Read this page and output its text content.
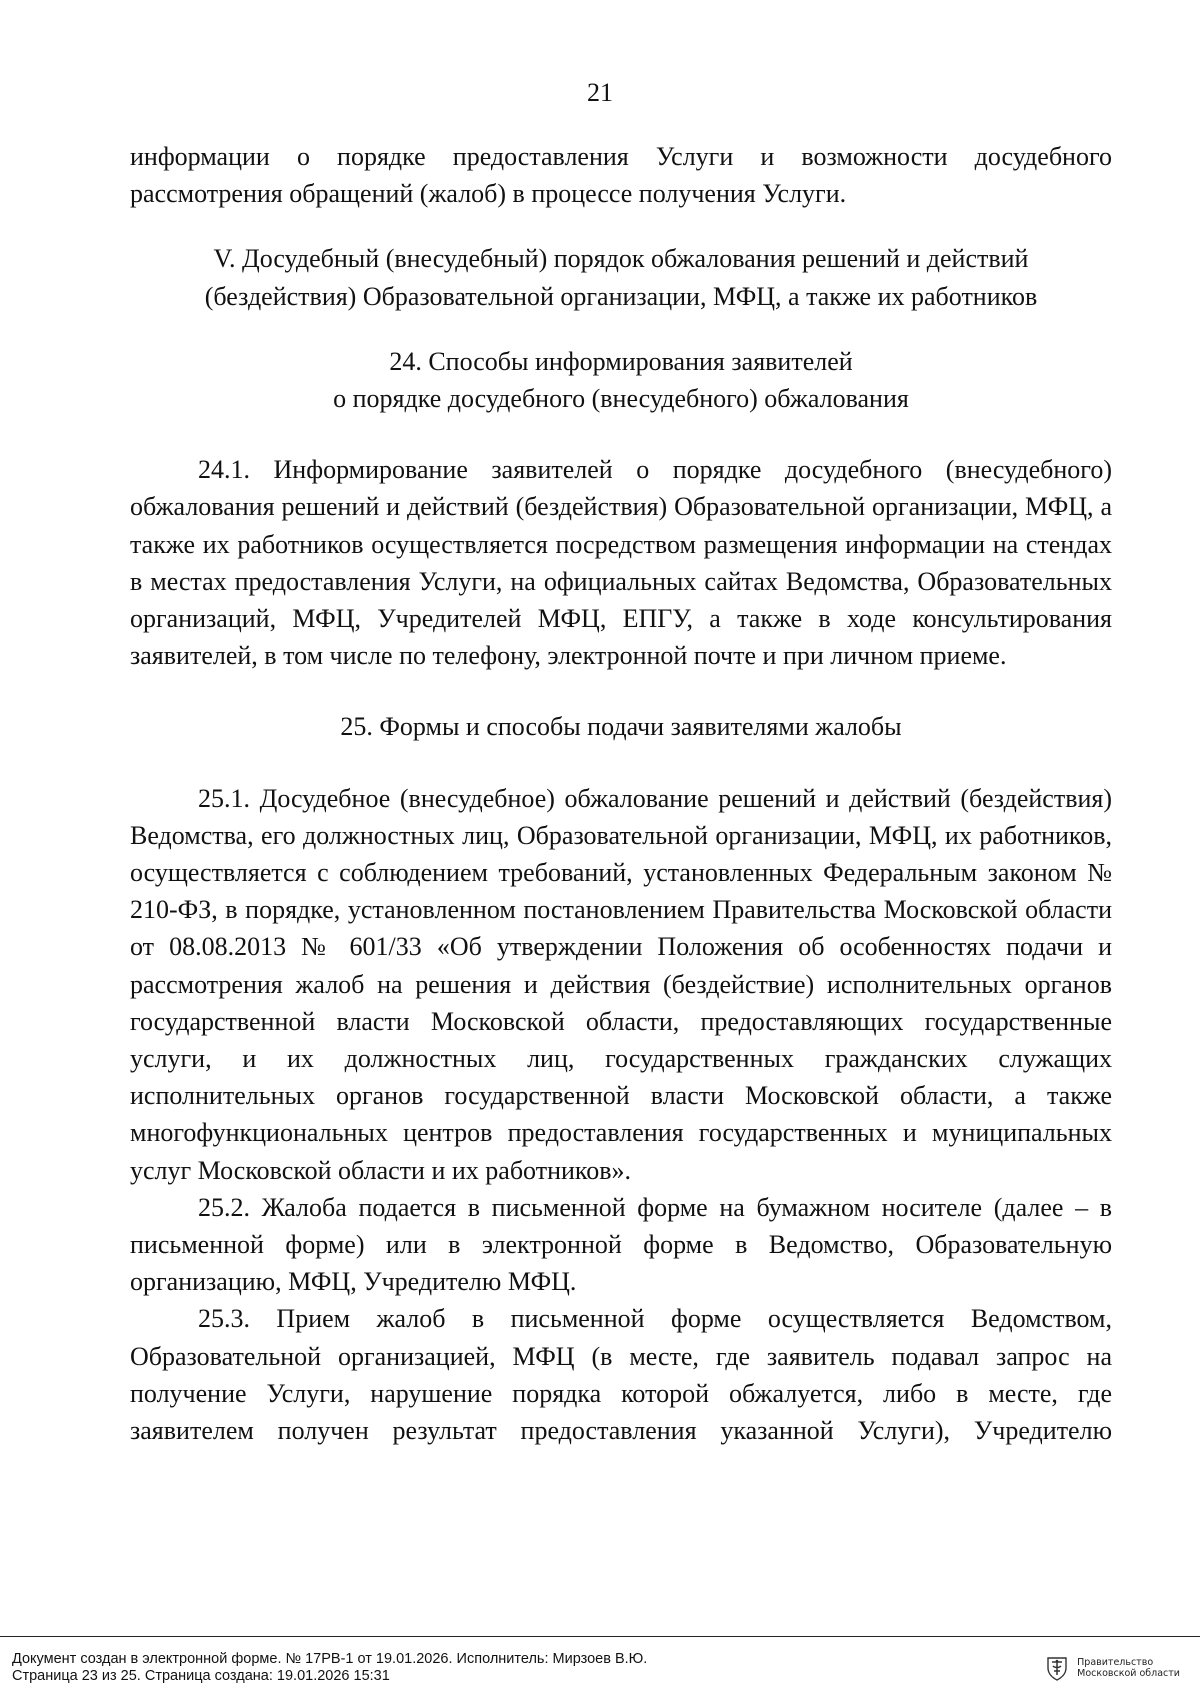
21

информации о порядке предоставления Услуги и возможности досудебного рассмотрения обращений (жалоб) в процессе получения Услуги.

V. Досудебный (внесудебный) порядок обжалования решений и действий

(бездействия) Образовательной организации, МФЦ, а также их работников

24. Способы информирования заявителей

о порядке досудебного (внесудебного) обжалования

24.1. Информирование заявителей о порядке досудебного (внесудебного) обжалования решений и действий (бездействия) Образовательной организации, МФЦ, а также их работников осуществляется посредством размещения информации на стендах в местах предоставления Услуги, на официальных сайтах Ведомства, Образовательных организаций, МФЦ, Учредителей МФЦ, ЕПГУ, а также в ходе консультирования заявителей, в том числе по телефону, электронной почте и при личном приеме.

25. Формы и способы подачи заявителями жалобы

25.1. Досудебное (внесудебное) обжалование решений и действий (бездействия) Ведомства, его должностных лиц, Образовательной организации, МФЦ, их работников, осуществляется с соблюдением требований, установленных Федеральным законом № 210-ФЗ, в порядке, установленном постановлением Правительства Московской области от 08.08.2013 № 601/33 «Об утверждении Положения об особенностях подачи и рассмотрения жалоб на решения и действия (бездействие) исполнительных органов государственной власти Московской области, предоставляющих государственные услуги, и их должностных лиц, государственных гражданских служащих исполнительных органов государственной власти Московской области, а также многофункциональных центров предоставления государственных и муниципальных услуг Московской области и их работников».

25.2. Жалоба подается в письменной форме на бумажном носителе (далее – в письменной форме) или в электронной форме в Ведомство, Образовательную организацию, МФЦ, Учредителю МФЦ.

25.3. Прием жалоб в письменной форме осуществляется Ведомством, Образовательной организацией, МФЦ (в месте, где заявитель подавал запрос на получение Услуги, нарушение порядка которой обжалуется, либо в месте, где заявителем получен результат предоставления указанной Услуги), Учредителю

Документ создан в электронной форме. № 17РВ-1 от 19.01.2026. Исполнитель: Мирзоев В.Ю.
Страница 23 из 25. Страница создана: 19.01.2026 15:31
Правительство
Московской области
